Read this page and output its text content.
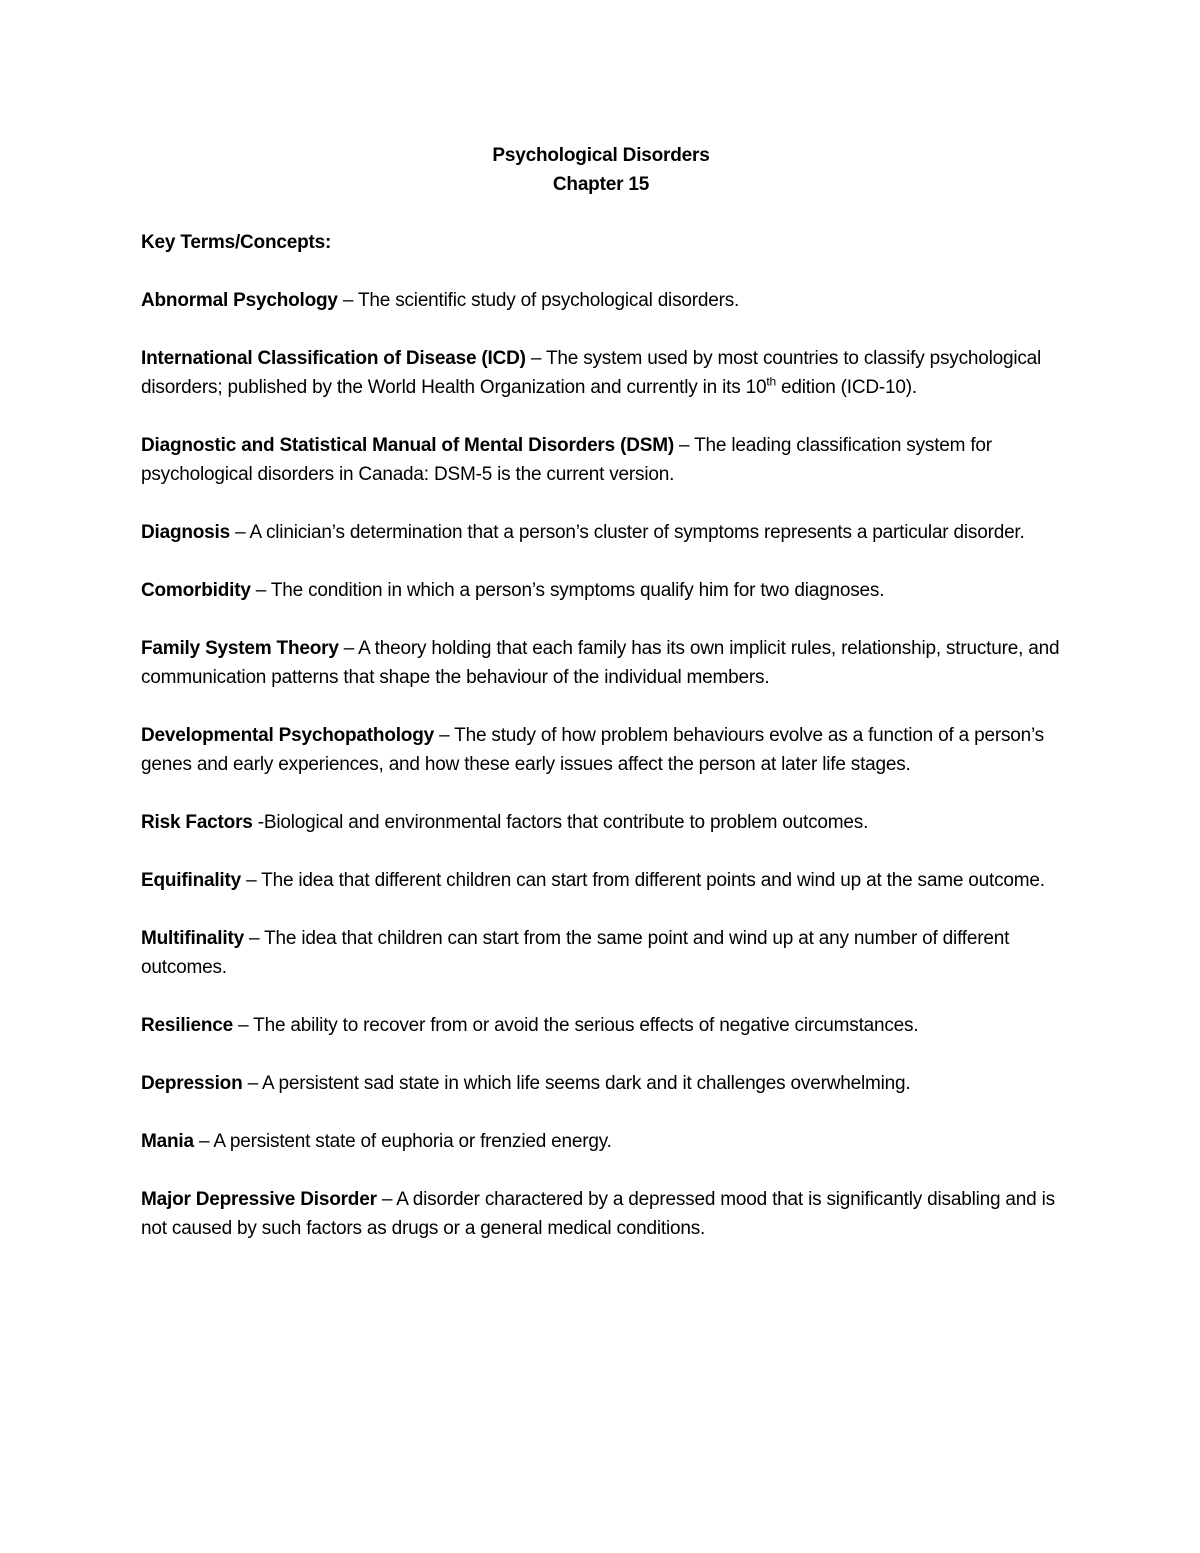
Psychological Disorders

Chapter 15

Key Terms/Concepts:

Abnormal Psychology – The scientific study of psychological disorders.

International Classification of Disease (ICD) – The system used by most countries to classify psychological disorders; published by the World Health Organization and currently in its 10th edition (ICD-10).

Diagnostic and Statistical Manual of Mental Disorders (DSM) – The leading classification system for psychological disorders in Canada: DSM-5 is the current version.

Diagnosis – A clinician’s determination that a person’s cluster of symptoms represents a particular disorder.

Comorbidity – The condition in which a person’s symptoms qualify him for two diagnoses.

Family System Theory – A theory holding that each family has its own implicit rules, relationship, structure, and communication patterns that shape the behaviour of the individual members.

Developmental Psychopathology – The study of how problem behaviours evolve as a function of a person’s genes and early experiences, and how these early issues affect the person at later life stages.

Risk Factors -Biological and environmental factors that contribute to problem outcomes.

Equifinality – The idea that different children can start from different points and wind up at the same outcome.

Multifinality – The idea that children can start from the same point and wind up at any number of different outcomes.

Resilience – The ability to recover from or avoid the serious effects of negative circumstances.

Depression – A persistent sad state in which life seems dark and it challenges overwhelming.

Mania – A persistent state of euphoria or frenzied energy.

Major Depressive Disorder – A disorder charactered by a depressed mood that is significantly disabling and is not caused by such factors as drugs or a general medical conditions.
